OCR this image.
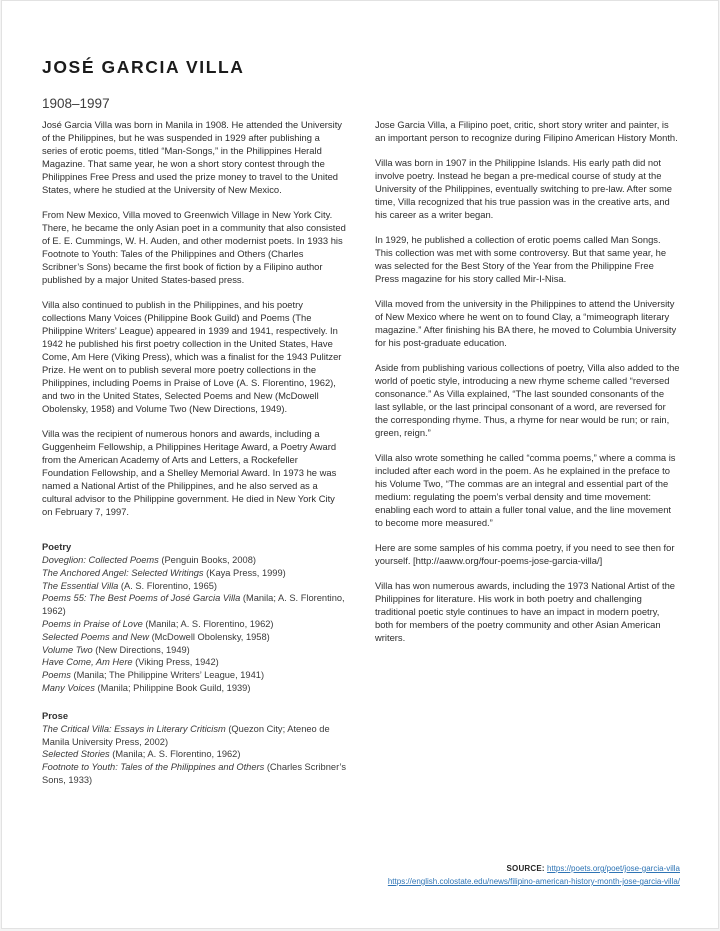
JOSÉ GARCIA VILLA
1908–1997

José Garcia Villa was born in Manila in 1908. He attended the University of the Philippines, but he was suspended in 1929 after publishing a series of erotic poems, titled “Man-Songs,” in the Philippines Herald Magazine. That same year, he won a short story contest through the Philippines Free Press and used the prize money to travel to the United States, where he studied at the University of New Mexico.

From New Mexico, Villa moved to Greenwich Village in New York City. There, he became the only Asian poet in a community that also consisted of E. E. Cummings, W. H. Auden, and other modernist poets. In 1933 his Footnote to Youth: Tales of the Philippines and Others (Charles Scribner’s Sons) became the first book of fiction by a Filipino author published by a major United States-based press.

Villa also continued to publish in the Philippines, and his poetry collections Many Voices (Philippine Book Guild) and Poems (The Philippine Writers’ League) appeared in 1939 and 1941, respectively. In 1942 he published his first poetry collection in the United States, Have Come, Am Here (Viking Press), which was a finalist for the 1943 Pulitzer Prize. He went on to publish several more poetry collections in the Philippines, including Poems in Praise of Love (A. S. Florentino, 1962), and two in the United States, Selected Poems and New (McDowell Obolensky, 1958) and Volume Two (New Directions, 1949).

Villa was the recipient of numerous honors and awards, including a Guggenheim Fellowship, a Philippines Heritage Award, a Poetry Award from the American Academy of Arts and Letters, a Rockefeller Foundation Fellowship, and a Shelley Memorial Award. In 1973 he was named a National Artist of the Philippines, and he also served as a cultural advisor to the Philippine government. He died in New York City on February 7, 1997.

Poetry
Doveglion: Collected Poems (Penguin Books, 2008)
The Anchored Angel: Selected Writings (Kaya Press, 1999)
The Essential Villa (A. S. Florentino, 1965)
Poems 55: The Best Poems of José Garcia Villa (Manila; A. S. Florentino, 1962)
Poems in Praise of Love (Manila; A. S. Florentino, 1962)
Selected Poems and New (McDowell Obolensky, 1958)
Volume Two (New Directions, 1949)
Have Come, Am Here (Viking Press, 1942)
Poems (Manila; The Philippine Writers’ League, 1941)
Many Voices (Manila; Philippine Book Guild, 1939)
Prose
The Critical Villa: Essays in Literary Criticism (Quezon City; Ateneo de Manila University Press, 2002)
Selected Stories (Manila; A. S. Florentino, 1962)
Footnote to Youth: Tales of the Philippines and Others (Charles Scribner’s Sons, 1933)

Jose Garcia Villa, a Filipino poet, critic, short story writer and painter, is an important person to recognize during Filipino American History Month.

Villa was born in 1907 in the Philippine Islands. His early path did not involve poetry. Instead he began a pre-medical course of study at the University of the Philippines, eventually switching to pre-law. After some time, Villa recognized that his true passion was in the creative arts, and his career as a writer began.

In 1929, he published a collection of erotic poems called Man Songs. This collection was met with some controversy. But that same year, he was selected for the Best Story of the Year from the Philippine Free Press magazine for his story called Mir-I-Nisa.

Villa moved from the university in the Philippines to attend the University of New Mexico where he went on to found Clay, a “mimeograph literary magazine.” After finishing his BA there, he moved to Columbia University for his post-graduate education.

Aside from publishing various collections of poetry, Villa also added to the world of poetic style, introducing a new rhyme scheme called “reversed consonance.” As Villa explained, “The last sounded consonants of the last syllable, or the last principal consonant of a word, are reversed for the corresponding rhyme. Thus, a rhyme for near would be run; or rain, green, reign.”

Villa also wrote something he called “comma poems,” where a comma is included after each word in the poem. As he explained in the preface to his Volume Two, “The commas are an integral and essential part of the medium: regulating the poem’s verbal density and time movement: enabling each word to attain a fuller tonal value, and the line movement to become more measured.”

Here are some samples of his comma poetry, if you need to see then for yourself. [http://aaww.org/four-poems-jose-garcia-villa/]

Villa has won numerous awards, including the 1973 National Artist of the Philippines for literature. His work in both poetry and challenging traditional poetic style continues to have an impact in modern poetry, both for members of the poetry community and other Asian American writers.

SOURCE: https://poets.org/poet/jose-garcia-villa
https://english.colostate.edu/news/filipino-american-history-month-jose-garcia-villa/
